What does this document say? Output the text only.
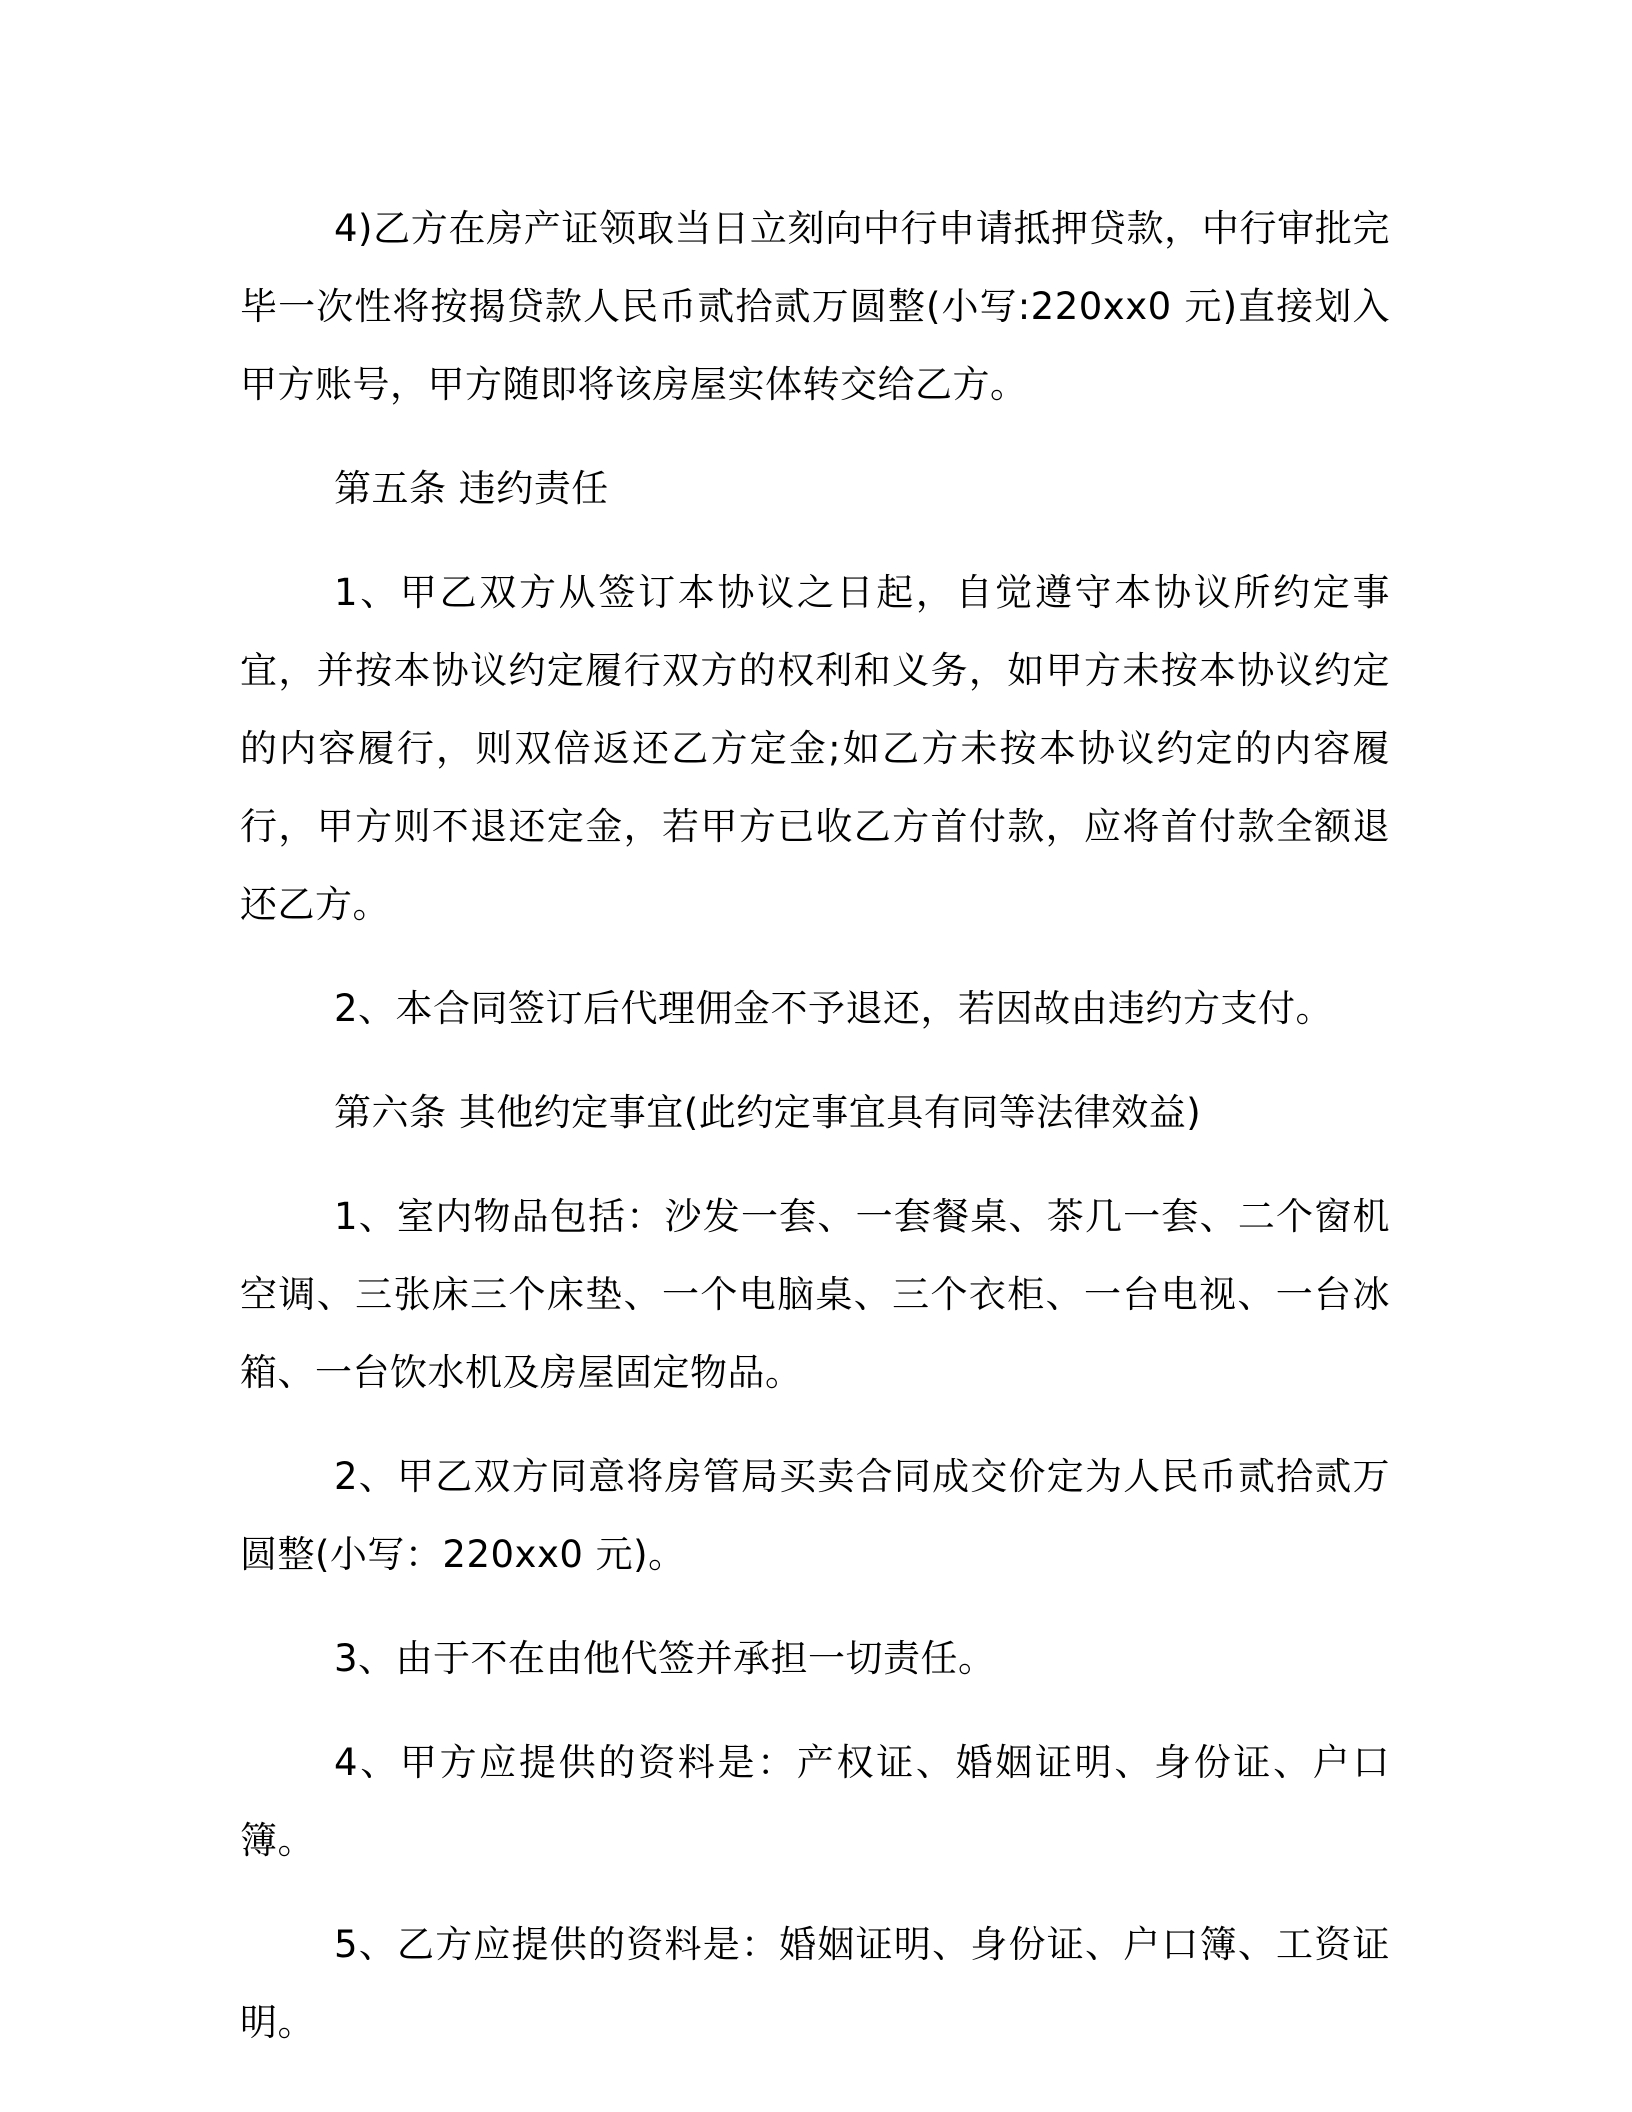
4)乙方在房产证领取当日立刻向中行申请抵押贷款，中行审批完毕一次性将按揭贷款人民币贰拾贰万圆整(小写:220xx0 元)直接划入甲方账号，甲方随即将该房屋实体转交给乙方。

第五条 违约责任

1、甲乙双方从签订本协议之日起，自觉遵守本协议所约定事宜，并按本协议约定履行双方的权利和义务，如甲方未按本协议约定的内容履行，则双倍返还乙方定金;如乙方未按本协议约定的内容履行，甲方则不退还定金，若甲方已收乙方首付款，应将首付款全额退还乙方。

2、本合同签订后代理佣金不予退还，若因故由违约方支付。

第六条 其他约定事宜(此约定事宜具有同等法律效益)

1、室内物品包括：沙发一套、一套餐桌、茶几一套、二个窗机空调、三张床三个床垫、一个电脑桌、三个衣柜、一台电视、一台冰箱、一台饮水机及房屋固定物品。

2、甲乙双方同意将房管局买卖合同成交价定为人民币贰拾贰万圆整(小写：220xx0 元)。

3、由于不在由他代签并承担一切责任。

4、甲方应提供的资料是：产权证、婚姻证明、身份证、户口簿。

5、乙方应提供的资料是：婚姻证明、身份证、户口簿、工资证明。
